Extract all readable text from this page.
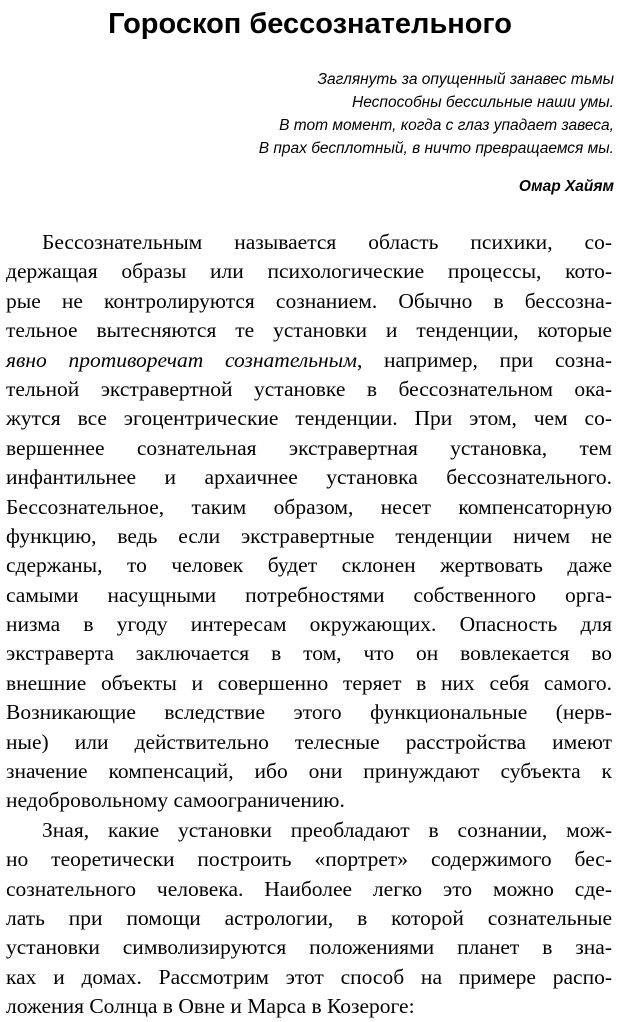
Гороскоп бессознательного
Заглянуть за опущенный занавес тьмы
Неспособны бессильные наши умы.
В тот момент, когда с глаз упадает завеса,
В прах бесплотный, в ничто превращаемся мы.
Омар Хайям
Бессознательным называется область психики, со-
держащая образы или психологические процессы, кото-
рые не контролируются сознанием. Обычно в бессозна-
тельное вытесняются те установки и тенденции, которые
явно противоречат сознательным, например, при созна-
тельной экстравертной установке в бессознательном ока-
жутся все эгоцентрические тенденции. При этом, чем со-
вершеннее сознательная экстравертная установка, тем
инфантильнее и архаичнее установка бессознательного.
Бессознательное, таким образом, несет компенсаторную
функцию, ведь если экстравертные тенденции ничем не
сдержаны, то человек будет склонен жертвовать даже
самыми насущными потребностями собственного орга-
низма в угоду интересам окружающих. Опасность для
экстраверта заключается в том, что он вовлекается во
внешние объекты и совершенно теряет в них себя самого.
Возникающие вследствие этого функциональные (нерв-
ные) или действительно телесные расстройства имеют
значение компенсаций, ибо они принуждают субъекта к
недобровольному самоограничению.
Зная, какие установки преобладают в сознании, мож-
но теоретически построить «портрет» содержимого бес-
сознательного человека. Наиболее легко это можно сде-
лать при помощи астрологии, в которой сознательные
установки символизируются положениями планет в зна-
ках и домах. Рассмотрим этот способ на примере распо-
ложения Солнца в Овне и Марса в Козероге:
